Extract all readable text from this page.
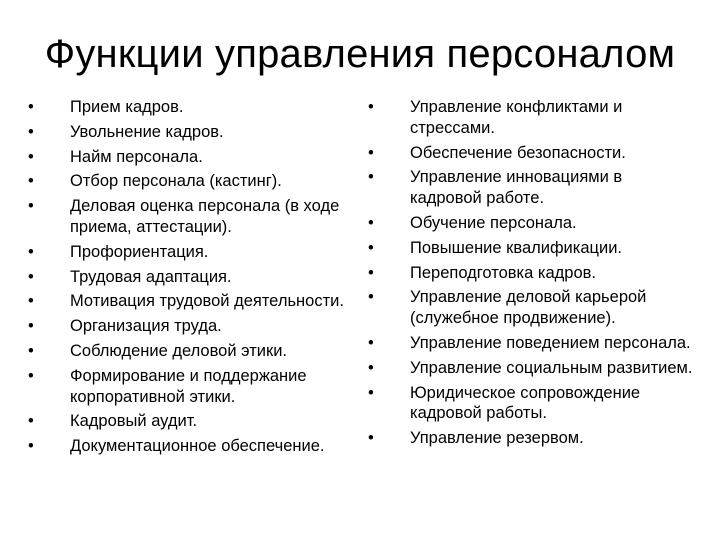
Функции управления персоналом
• Прием кадров.
• Увольнение кадров.
• Найм персонала.
• Отбор персонала (кастинг).
• Деловая оценка персонала (в ходе приема, аттестации).
• Профориентация.
• Трудовая адаптация.
• Мотивация трудовой деятельности.
• Организация труда.
• Соблюдение деловой этики.
• Формирование и поддержание корпоративной этики.
• Кадровый аудит.
• Документационное обеспечение.
• Управление конфликтами и стрессами.
• Обеспечение безопасности.
• Управление инновациями в кадровой работе.
• Обучение персонала.
• Повышение квалификации.
• Переподготовка кадров.
• Управление деловой карьерой (служебное продвижение).
• Управление поведением персонала.
• Управление социальным развитием.
• Юридическое сопровождение кадровой работы.
• Управление резервом.
